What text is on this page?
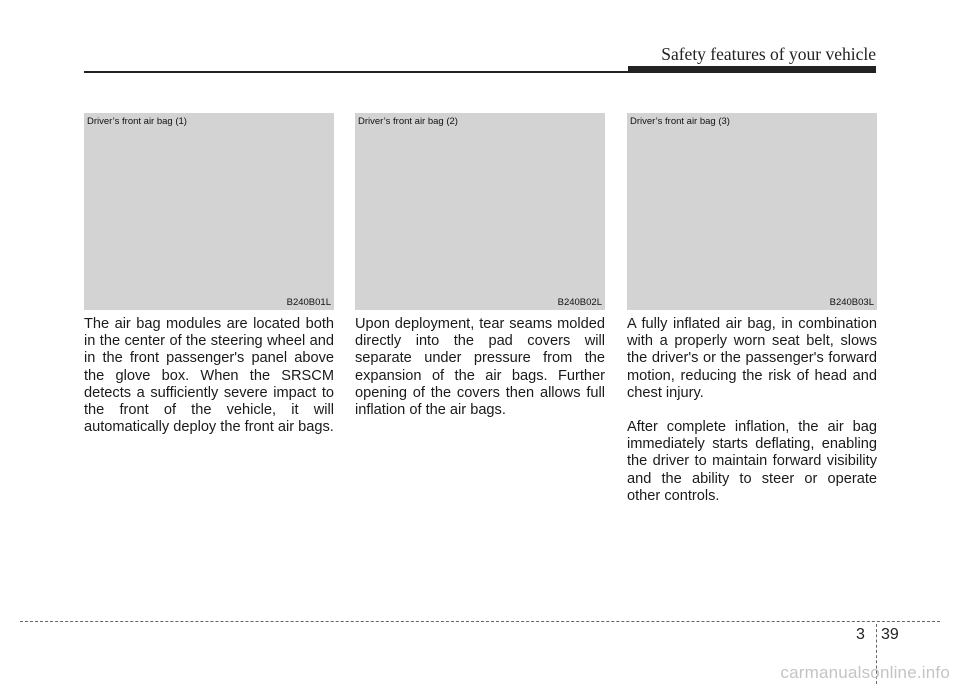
Safety features of your vehicle
Driver’s front air bag (1)
B240B01L

The air bag modules are located both in the center of the steering wheel and in the front passenger's panel above the glove box. When the SRSCM detects a sufficiently severe impact to the front of the vehicle, it will automatically deploy the front air bags.

Driver’s front air bag (2)
B240B02L

Upon deployment, tear seams molded directly into the pad covers will separate under pressure from the expansion of the air bags. Further opening of the covers then allows full inflation of the air bags.

Driver’s front air bag (3)
B240B03L

A fully inflated air bag, in combination with a properly worn seat belt, slows the driver's or the passenger's forward motion, reducing the risk of head and chest injury.

After complete inflation, the air bag immediately starts deflating, enabling the driver to maintain forward visibility and the ability to steer or operate other controls.

3 39
carmanualsonline.info
